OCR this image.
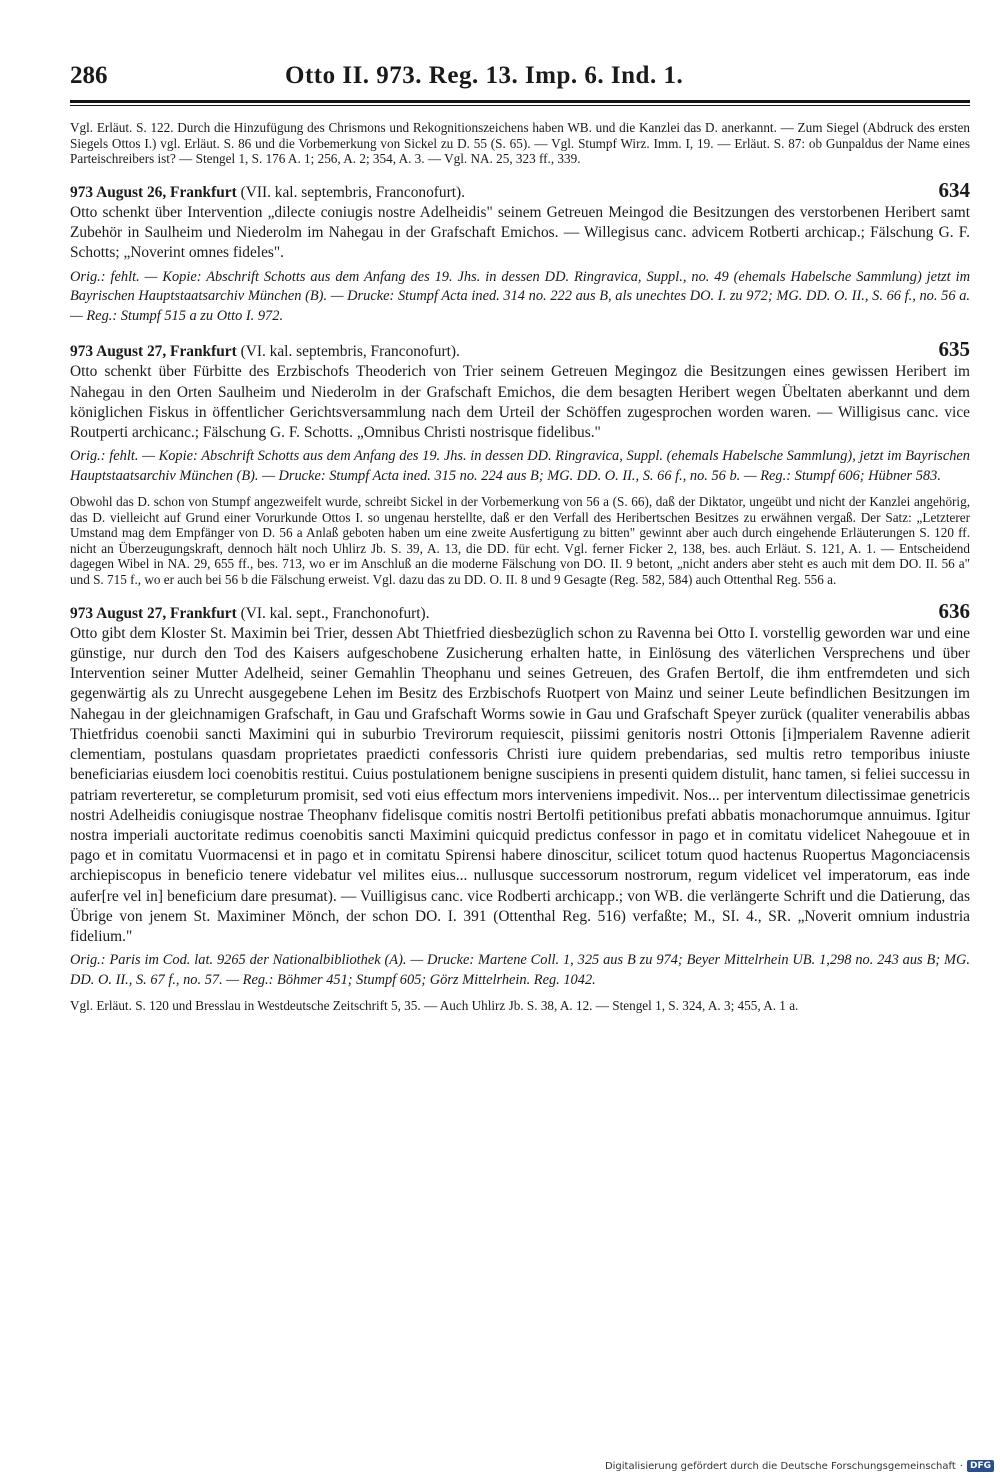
286	Otto II. 973. Reg. 13. Imp. 6. Ind. 1.

Vgl. Erläut. S. 122. Durch die Hinzufügung des Chrismons und Rekognitionszeichens haben WB. und die Kanzlei das D. anerkannt. — Zum Siegel (Abdruck des ersten Siegels Ottos I.) vgl. Erläut. S. 86 und die Vorbemerkung von Sickel zu D. 55 (S. 65). — Vgl. Stumpf Wirz. Imm. I, 19. — Erläut. S. 87: ob Gunpaldus der Name eines Parteischreibers ist? — Stengel 1, S. 176 A. 1; 256, A. 2; 354, A. 3. — Vgl. NA. 25, 323 ff., 339.

973 August 26, Frankfurt (VII. kal. septembris, Franconofurt).	634

Otto schenkt über Intervention „dilecte coniugis nostre Adelheidis" seinem Getreuen Meingod die Besitzungen des verstorbenen Heribert samt Zubehör in Saulheim und Niederolm im Nahegau in der Grafschaft Emichos. — Willegisus canc. advicem Rotberti archicap.; Fälschung G. F. Schotts; „Noverint omnes fideles".

Orig.: fehlt. — Kopie: Abschrift Schotts aus dem Anfang des 19. Jhs. in dessen DD. Ringravica, Suppl., no. 49 (ehemals Habelsche Sammlung) jetzt im Bayrischen Hauptstaatsarchiv München (B). — Drucke: Stumpf Acta ined. 314 no. 222 aus B, als unechtes DO. I. zu 972; MG. DD. O. II., S. 66 f., no. 56 a. — Reg.: Stumpf 515 a zu Otto I. 972.

973 August 27, Frankfurt (VI. kal. septembris, Franconofurt).	635

Otto schenkt über Fürbitte des Erzbischofs Theoderich von Trier seinem Getreuen Megingoz die Besitzungen eines gewissen Heribert im Nahegau in den Orten Saulheim und Niederolm in der Grafschaft Emichos, die dem besagten Heribert wegen Übeltaten aberkannt und dem königlichen Fiskus in öffentlicher Gerichtsversammlung nach dem Urteil der Schöffen zugesprochen worden waren. — Willigisus canc. vice Routperti archicanc.; Fälschung G. F. Schotts. „Omnibus Christi nostrisque fidelibus."

Orig.: fehlt. — Kopie: Abschrift Schotts aus dem Anfang des 19. Jhs. in dessen DD. Ringravica, Suppl. (ehemals Habelsche Sammlung), jetzt im Bayrischen Hauptstaatsarchiv München (B). — Drucke: Stumpf Acta ined. 315 no. 224 aus B; MG. DD. O. II., S. 66 f., no. 56 b. — Reg.: Stumpf 606; Hübner 583.

Obwohl das D. schon von Stumpf angezweifelt wurde, schreibt Sickel in der Vorbemerkung von 56 a (S. 66), daß der Diktator, ungeübt und nicht der Kanzlei angehörig, das D. vielleicht auf Grund einer Vorurkunde Ottos I. so ungenau herstellte, daß er den Verfall des Heribertschen Besitzes zu erwähnen vergaß. Der Satz: „Letzterer Umstand mag dem Empfänger von D. 56 a Anlaß geboten haben um eine zweite Ausfertigung zu bitten" gewinnt aber auch durch eingehende Erläuterungen S. 120 ff. nicht an Überzeugungskraft, dennoch hält noch Uhlirz Jb. S. 39, A. 13, die DD. für echt. Vgl. ferner Ficker 2, 138, bes. auch Erläut. S. 121, A. 1. — Entscheidend dagegen Wibel in NA. 29, 655 ff., bes. 713, wo er im Anschluß an die moderne Fälschung von DO. II. 9 betont, „nicht anders aber steht es auch mit dem DO. II. 56 a" und S. 715 f., wo er auch bei 56 b die Fälschung erweist. Vgl. dazu das zu DD. O. II. 8 und 9 Gesagte (Reg. 582, 584) auch Ottenthal Reg. 556 a.

973 August 27, Frankfurt (VI. kal. sept., Franchonofurt).	636

Otto gibt dem Kloster St. Maximin bei Trier, dessen Abt Thietfried diesbezüglich schon zu Ravenna bei Otto I. vorstellig geworden war und eine günstige, nur durch den Tod des Kaisers aufgeschobene Zusicherung erhalten hatte, in Einlösung des väterlichen Versprechens und über Intervention seiner Mutter Adelheid, seiner Gemahlin Theophanu und seines Getreuen, des Grafen Bertolf, die ihm entfremdeten und sich gegenwärtig als zu Unrecht ausgegebene Lehen im Besitz des Erzbischofs Ruotpert von Mainz und seiner Leute befindlichen Besitzungen im Nahegau in der gleichnamigen Grafschaft, in Gau und Grafschaft Worms sowie in Gau und Grafschaft Speyer zurück (qualiter venerabilis abbas Thietfridus coenobii sancti Maximini qui in suburbio Trevirorum requiescit, piissimi genitoris nostri Ottonis [i]mperialem Ravenne adierit clementiam, postulans quasdam proprietates praedicti confessoris Christi iure quidem prebendarias, sed multis retro temporibus iniuste beneficiarias eiusdem loci coenobitis restitui. Cuius postulationem benigne suscipiens in presenti quidem distulit, hanc tamen, si feliei successu in patriam reverteretur, se completurum promisit, sed voti eius effectum mors interveniens impedivit. Nos... per interventum dilectissimae genetricis nostri Adelheidis coniugisque nostrae Theophanv fidelisque comitis nostri Bertolfi petitionibus prefati abbatis monachorumque annuimus. Igitur nostra imperiali auctoritate redimus coenobitis sancti Maximini quicquid predictus confessor in pago et in comitatu videlicet Nahegouue et in pago et in comitatu Vuormacensi et in pago et in comitatu Spirensi habere dinoscitur, scilicet totum quod hactenus Ruopertus Magonciacensis archiepiscopus in beneficio tenere videbatur vel milites eius... nullusque successorum nostrorum, regum videlicet vel imperatorum, eas inde aufer[re vel in] beneficium dare presumat). — Vuilligisus canc. vice Rodberti archicapp.; von WB. die verlängerte Schrift und die Datierung, das Übrige von jenem St. Maximiner Mönch, der schon DO. I. 391 (Ottenthal Reg. 516) verfaßte; M., SI. 4., SR. „Noverit omnium industria fidelium."

Orig.: Paris im Cod. lat. 9265 der Nationalbibliothek (A). — Drucke: Martene Coll. 1, 325 aus B zu 974; Beyer Mittelrhein UB. 1,298 no. 243 aus B; MG. DD. O. II., S. 67 f., no. 57. — Reg.: Böhmer 451; Stumpf 605; Görz Mittelrhein. Reg. 1042.

Vgl. Erläut. S. 120 und Bresslau in Westdeutsche Zeitschrift 5, 35. — Auch Uhlirz Jb. S. 38, A. 12. — Stengel 1, S. 324, A. 3; 455, A. 1 a.

Digitalisierung gefördert durch die Deutsche Forschungsgemeinschaft · DFG
